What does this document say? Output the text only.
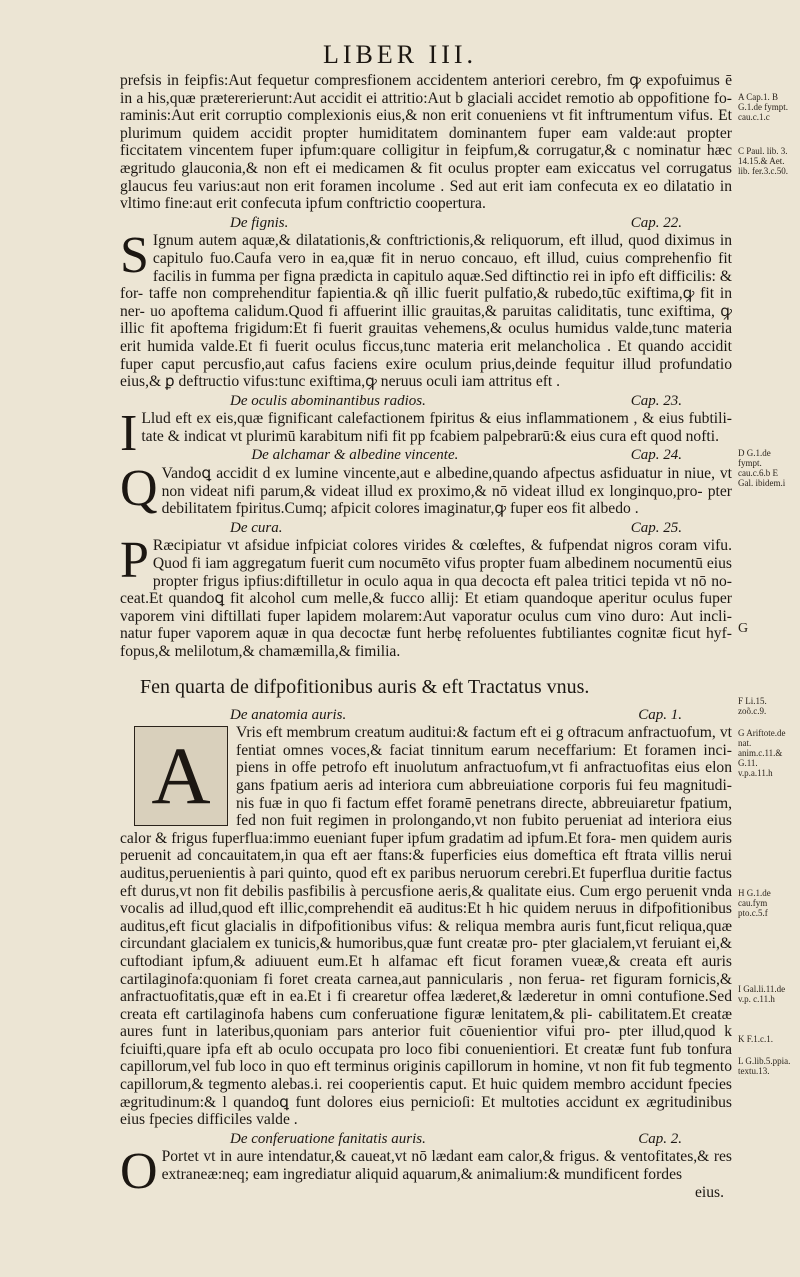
LIBER III.

prefsis in feipfis:Aut fequetur compresfionem accidentem anteriori cerebro, fm ꝙ expofuimus ē in a his,quæ prætererierunt:Aut accidit ei attritio:Aut b glaciali accidet remotio ab oppofitione fo- raminis:Aut erit corruptio complexionis eius,& non erit conueniens vt fit inftrumentum vifus. Et plurimum quidem accidit propter humiditatem dominantem fuper eam valde:aut propter ficcitatem vincentem fuper ipfum:quare colligitur in feipfum,& corrugatur,& c nominatur hæc ægritudo glauconia,& non eft ei medicamen & fit oculus propter eam exiccatus vel corrugatus glaucus feu varius:aut non erit foramen incolume . Sed aut erit iam confecuta ex eo dilatatio in vltimo fine:aut erit confecuta ipfum conftrictio coopertura.

De fignis.	Cap. 22.

S Ignum autem aquæ,& dilatationis,& conftrictionis,& reliquorum, eft illud, quod diximus in capitulo fuo.Caufa vero in ea,quæ fit in neruo concauo, eft illud, cuius comprehenfio fit facilis in fumma per figna prædicta in capitulo aquæ.Sed diftinctio rei in ipfo eft difficilis: & for- taffe non comprehenditur fapientia.& qñ illic fuerit pulfatio,& rubedo,tūc exiftima,ꝙ fit in ner- uo apoftema calidum.Quod fi affuerint illic grauitas,& paruitas caliditatis, tunc exiftima, ꝙ illic fit apoftema frigidum:Et fi fuerit grauitas vehemens,& oculus humidus valde,tunc materia erit humida valde.Et fi fuerit oculus ficcus,tunc materia erit melancholica . Et quando accidit fuper caput percusfio,aut cafus faciens exire oculum prius,deinde fequitur illud profundatio eius,& ꝑ deftructio vifus:tunc exiftima,ꝙ neruus oculi iam attritus eft .

De oculis abominantibus radios.	Cap. 23.

I Llud eft ex eis,quæ fignificant calefactionem fpiritus & eius inflammationem , & eius fubtili- tate & indicat vt plurimū karabitum nifi fit pp fcabiem palpebrarū:& eius cura eft quod nofti.

De alchamar & albedine vincente.	Cap. 24.

Q Vandoꝗ accidit d ex lumine vincente,aut e albedine,quando afpectus asfiduatur in niue, vt non videat nifi parum,& videat illud ex proximo,& nō videat illud ex longinquo,pro- pter debilitatem fpiritus.Cumq; afpicit colores imaginatur,ꝙ fuper eos fit albedo .

De cura.	Cap. 25.

P Ræcipiatur vt afsidue infpiciat colores virides & cœleftes, & fufpendat nigros coram vifu. Quod fi iam aggregatum fuerit cum nocumēto vifus propter fuam albedinem nocumentū eius propter frigus ipfius:diftilletur in oculo aqua in qua decocta eft palea tritici tepida vt nō no- ceat.Et quandoꝗ fit alcohol cum melle,& fucco allij: Et etiam quandoque aperitur oculus fuper vaporem vini diftillati fuper lapidem molarem:Aut vaporatur oculus cum vino duro: Aut incli- natur fuper vaporem aquæ in qua decoctæ funt herbę refoluentes fubtiliantes cognitæ ficut hyf- fopus,& melilotum,& chamæmilla,& fimilia.

Fen quarta de difpofitionibus auris & eft Tractatus vnus.
De anatomia auris.	Cap. 1.

A	Vris eft membrum creatum auditui:& factum eft ei g oftracum anfractuofum, vt fentiat omnes voces,& faciat tinnitum earum neceffarium: Et foramen inci- piens in offe petrofo eft inuolutum anfractuofum,vt fi anfractuofitas eius elon gans fpatium aeris ad interiora cum abbreuiatione corporis fui feu magnitudi- nis fuæ in quo fi factum effet foramē penetrans directe, abbreuiaretur fpatium, fed non fuit regimen in prolongando,vt non fubito perueniat ad interiora eius calor & frigus fuperflua:immo eueniant fuper ipfum gradatim ad ipfum.Et fora- men quidem auris peruenit ad concauitatem,in qua eft aer ftans:& fuperficies eius domeftica eft ftrata villis nerui auditus,peruenientis à pari quinto, quod eft ex paribus neruorum cerebri.Et fuperflua duritie factus eft durus,vt non fit debilis pasfibilis à percusfione aeris,& qualitate eius. Cum ergo peruenit vnda vocalis ad illud,quod eft illic,comprehendit eā auditus:Et h hic quidem neruus in difpofitionibus auditus,eft ficut glacialis in difpofitionibus vifus: & reliqua membra auris funt,ficut reliqua,quæ circundant glacialem ex tunicis,& humoribus,quæ funt creatæ pro- pter glacialem,vt feruiant ei,& cuftodiant ipfum,& adiuuent eum.Et h alfamac eft ficut foramen vueæ,& creata eft auris cartilaginofa:quoniam fi foret creata carnea,aut pannicularis , non ferua- ret figuram fornicis,& anfractuofitatis,quæ eft in ea.Et i fi crearetur offea læderet,& læderetur in omni contufione.Sed creata eft cartilaginofa habens cum conferuatione figuræ lenitatem,& pli- cabilitatem.Et creatæ aures funt in lateribus,quoniam pars anterior fuit cōuenientior vifui pro- pter illud,quod k fciuifti,quare ipfa eft ab oculo occupata pro loco fibi conuenientiori. Et creatæ funt fub tonfura capillorum,vel fub loco in quo eft terminus originis capillorum in homine, vt non fit fub tegmento capillorum,& tegmento alebas.i. rei cooperientis caput. Et huic quidem membro accidunt fpecies ægritudinum:& l quandoꝗ funt dolores eius pernicioſi: Et multoties accidunt ex ægritudinibus eius fpecies difficiles valde .

De conferuatione fanitatis auris.	Cap. 2.

O Portet vt in aure intendatur,& caueat,vt nō lædant eam calor,& frigus. & ventofitates,& res extraneæ:neq; eam ingrediatur aliquid aquarum,& animalium:& mundificent fordes

eius.
A Cap.1. B G.1.de fympt. cau.c.1.c
C Paul. lib. 3. 14.15.& Aet. lib. fer.3.c.50.
D G.1.de fympt. cau.c.6.b E Gal. ibidem.i
G
F Li.15. zoõ.c.9.
G Ariftote.de nat. anim.c.11.& G.11. v.p.a.11.h
H G.1.de cau.fym pto.c.5.f
I Gal.li.11.de v.p. c.11.h
K F.1.c.1.
L G.lib.5.ppia. textu.13.
